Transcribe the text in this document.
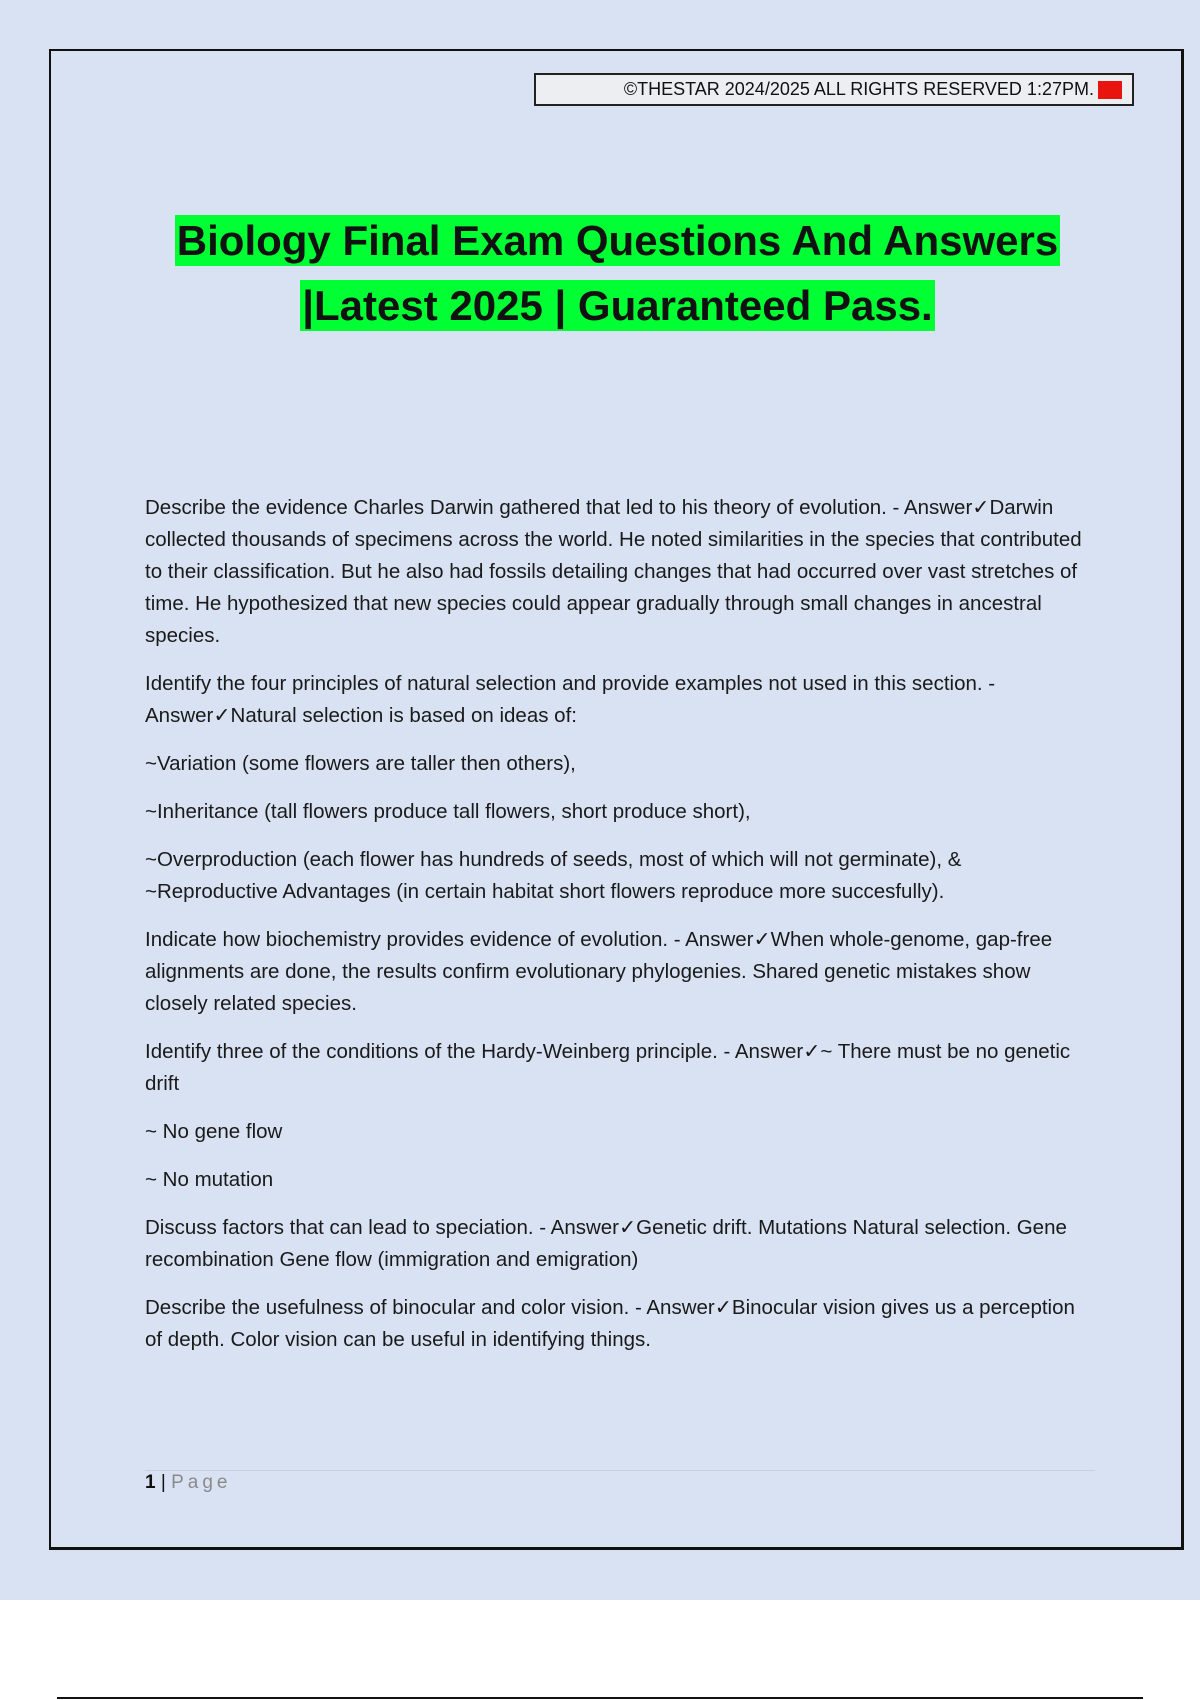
©THESTAR 2024/2025 ALL RIGHTS RESERVED 1:27PM. A+
Biology Final Exam Questions And Answers
|Latest 2025 | Guaranteed Pass.

Describe the evidence Charles Darwin gathered that led to his theory of evolution. - Answer✓Darwin collected thousands of specimens across the world. He noted similarities in the species that contributed to their classification. But he also had fossils detailing changes that had occurred over vast stretches of time. He hypothesized that new species could appear gradually through small changes in ancestral species.

Identify the four principles of natural selection and provide examples not used in this section. - Answer✓Natural selection is based on ideas of:

~Variation (some flowers are taller then others),

~Inheritance (tall flowers produce tall flowers, short produce short),

~Overproduction (each flower has hundreds of seeds, most of which will not germinate), & ~Reproductive Advantages (in certain habitat short flowers reproduce more succesfully).

Indicate how biochemistry provides evidence of evolution. - Answer✓When whole-genome, gap-free alignments are done, the results confirm evolutionary phylogenies. Shared genetic mistakes show closely related species.

Identify three of the conditions of the Hardy-Weinberg principle. - Answer✓~ There must be no genetic drift

~ No gene flow

~ No mutation

Discuss factors that can lead to speciation. - Answer✓Genetic drift. Mutations Natural selection. Gene recombination Gene flow (immigration and emigration)

Describe the usefulness of binocular and color vision. - Answer✓Binocular vision gives us a perception of depth. Color vision can be useful in identifying things.

1 | Page
